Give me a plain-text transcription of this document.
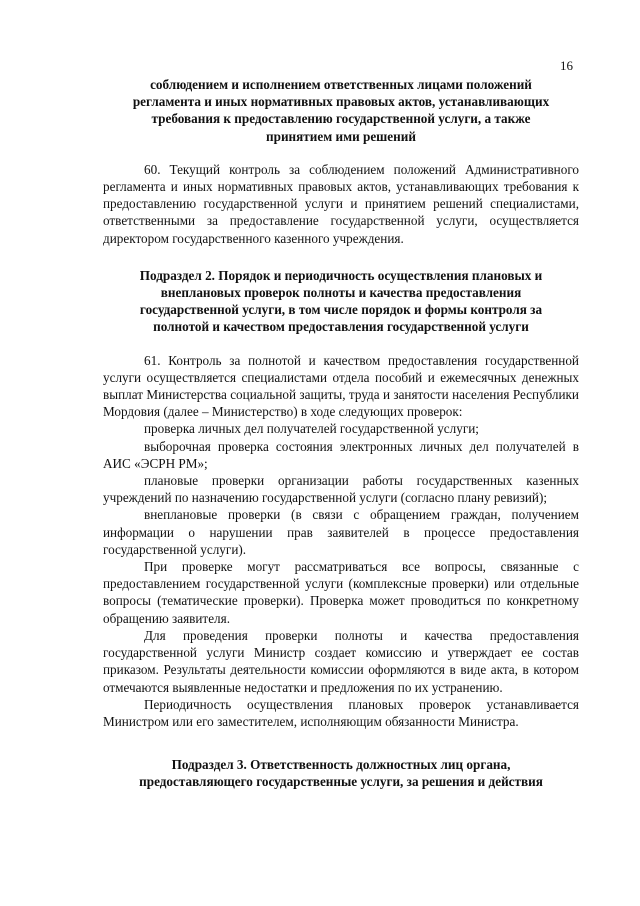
16
соблюдением и исполнением ответственных лицами положений
регламента и иных нормативных правовых актов, устанавливающих
требования к предоставлению государственной услуги, а также
принятием ими решений

60. Текущий контроль за соблюдением положений Административного регламента и иных нормативных правовых актов, устанавливающих требования к предоставлению государственной услуги и принятием решений специалистами, ответственными за предоставление государственной услуги, осуществляется директором государственного казенного учреждения.

Подраздел 2. Порядок и периодичность осуществления плановых и
внеплановых проверок полноты и качества предоставления
государственной услуги, в том числе порядок и формы контроля за
полнотой и качеством предоставления государственной услуги

61. Контроль за полнотой и качеством предоставления государственной услуги осуществляется специалистами отдела пособий и ежемесячных денежных выплат Министерства социальной защиты, труда и занятости населения Республики Мордовия (далее – Министерство) в ходе следующих проверок:

проверка личных дел получателей государственной услуги;

выборочная проверка состояния электронных личных дел получателей в АИС «ЭСРН РМ»;

плановые проверки организации работы государственных казенных учреждений по назначению государственной услуги (согласно плану ревизий);

внеплановые проверки (в связи с обращением граждан, получением информации о нарушении прав заявителей в процессе предоставления государственной услуги).

При проверке могут рассматриваться все вопросы, связанные с предоставлением государственной услуги (комплексные проверки) или отдельные вопросы (тематические проверки). Проверка может проводиться по конкретному обращению заявителя.

Для проведения проверки полноты и качества предоставления государственной услуги Министр создает комиссию и утверждает ее состав приказом. Результаты деятельности комиссии оформляются в виде акта, в котором отмечаются выявленные недостатки и предложения по их устранению.

Периодичность осуществления плановых проверок устанавливается Министром или его заместителем, исполняющим обязанности Министра.

Подраздел 3. Ответственность должностных лиц органа,
предоставляющего государственные услуги, за решения и действия
